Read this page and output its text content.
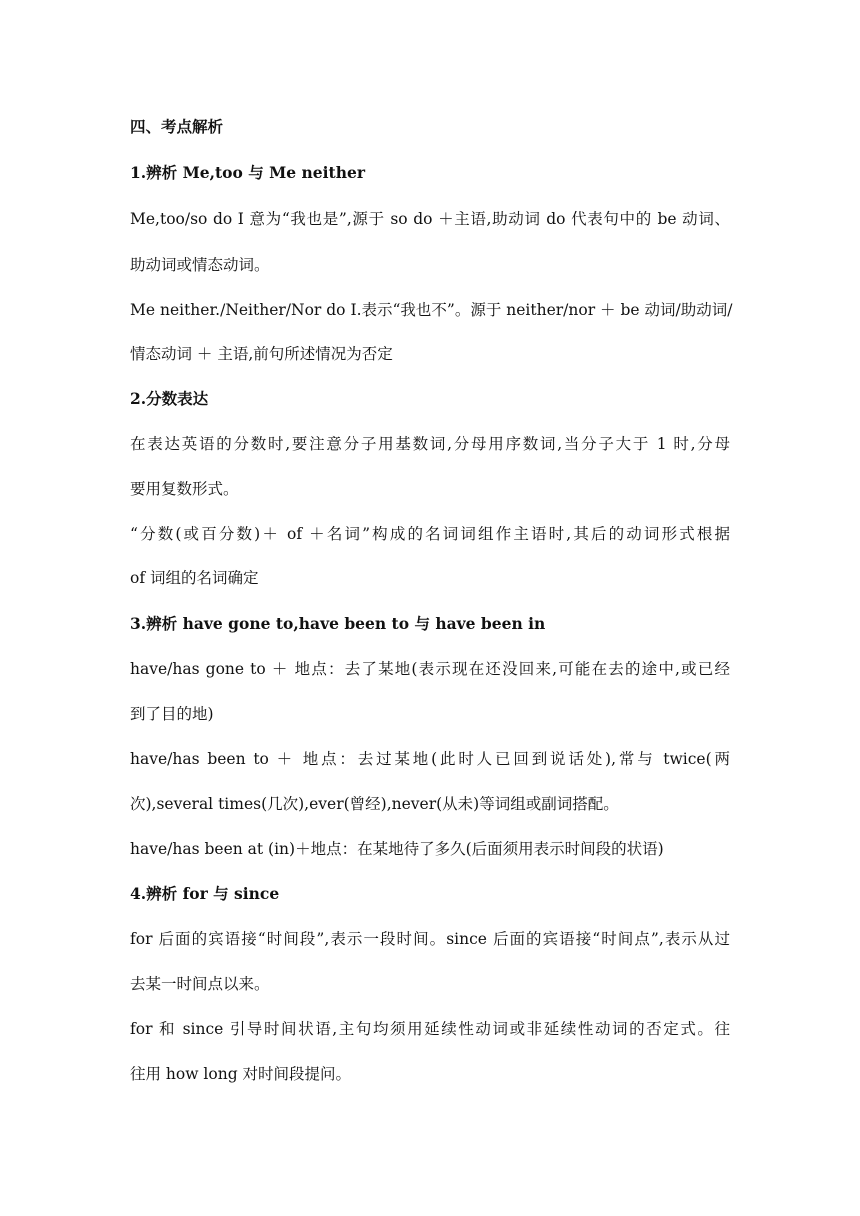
四、考点解析
1.辨析 Me,too 与 Me neither
Me,too/so do I 意为“我也是”,源于 so do ＋主语,助动词 do 代表句中的 be 动词、
助动词或情态动词。
Me neither./Neither/Nor do I.表示“我也不”。源于 neither/nor ＋ be 动词/助动词/
情态动词 ＋ 主语,前句所述情况为否定
2.分数表达
在表达英语的分数时,要注意分子用基数词,分母用序数词,当分子大于 1 时,分母
要用复数形式。
“分数(或百分数)＋ of ＋名词”构成的名词词组作主语时,其后的动词形式根据
of 词组的名词确定
3.辨析 have gone to,have been to 与 have been in
have/has gone to ＋ 地点：去了某地(表示现在还没回来,可能在去的途中,或已经
到了目的地)
have/has been to ＋ 地点：去过某地(此时人已回到说话处),常与 twice(两
次),several times(几次),ever(曾经),never(从未)等词组或副词搭配。
have/has been at (in)＋地点：在某地待了多久(后面须用表示时间段的状语)
4.辨析 for 与 since
for 后面的宾语接“时间段”,表示一段时间。since 后面的宾语接“时间点”,表示从过
去某一时间点以来。
for 和 since 引导时间状语,主句均须用延续性动词或非延续性动词的否定式。往
往用 how long 对时间段提问。
